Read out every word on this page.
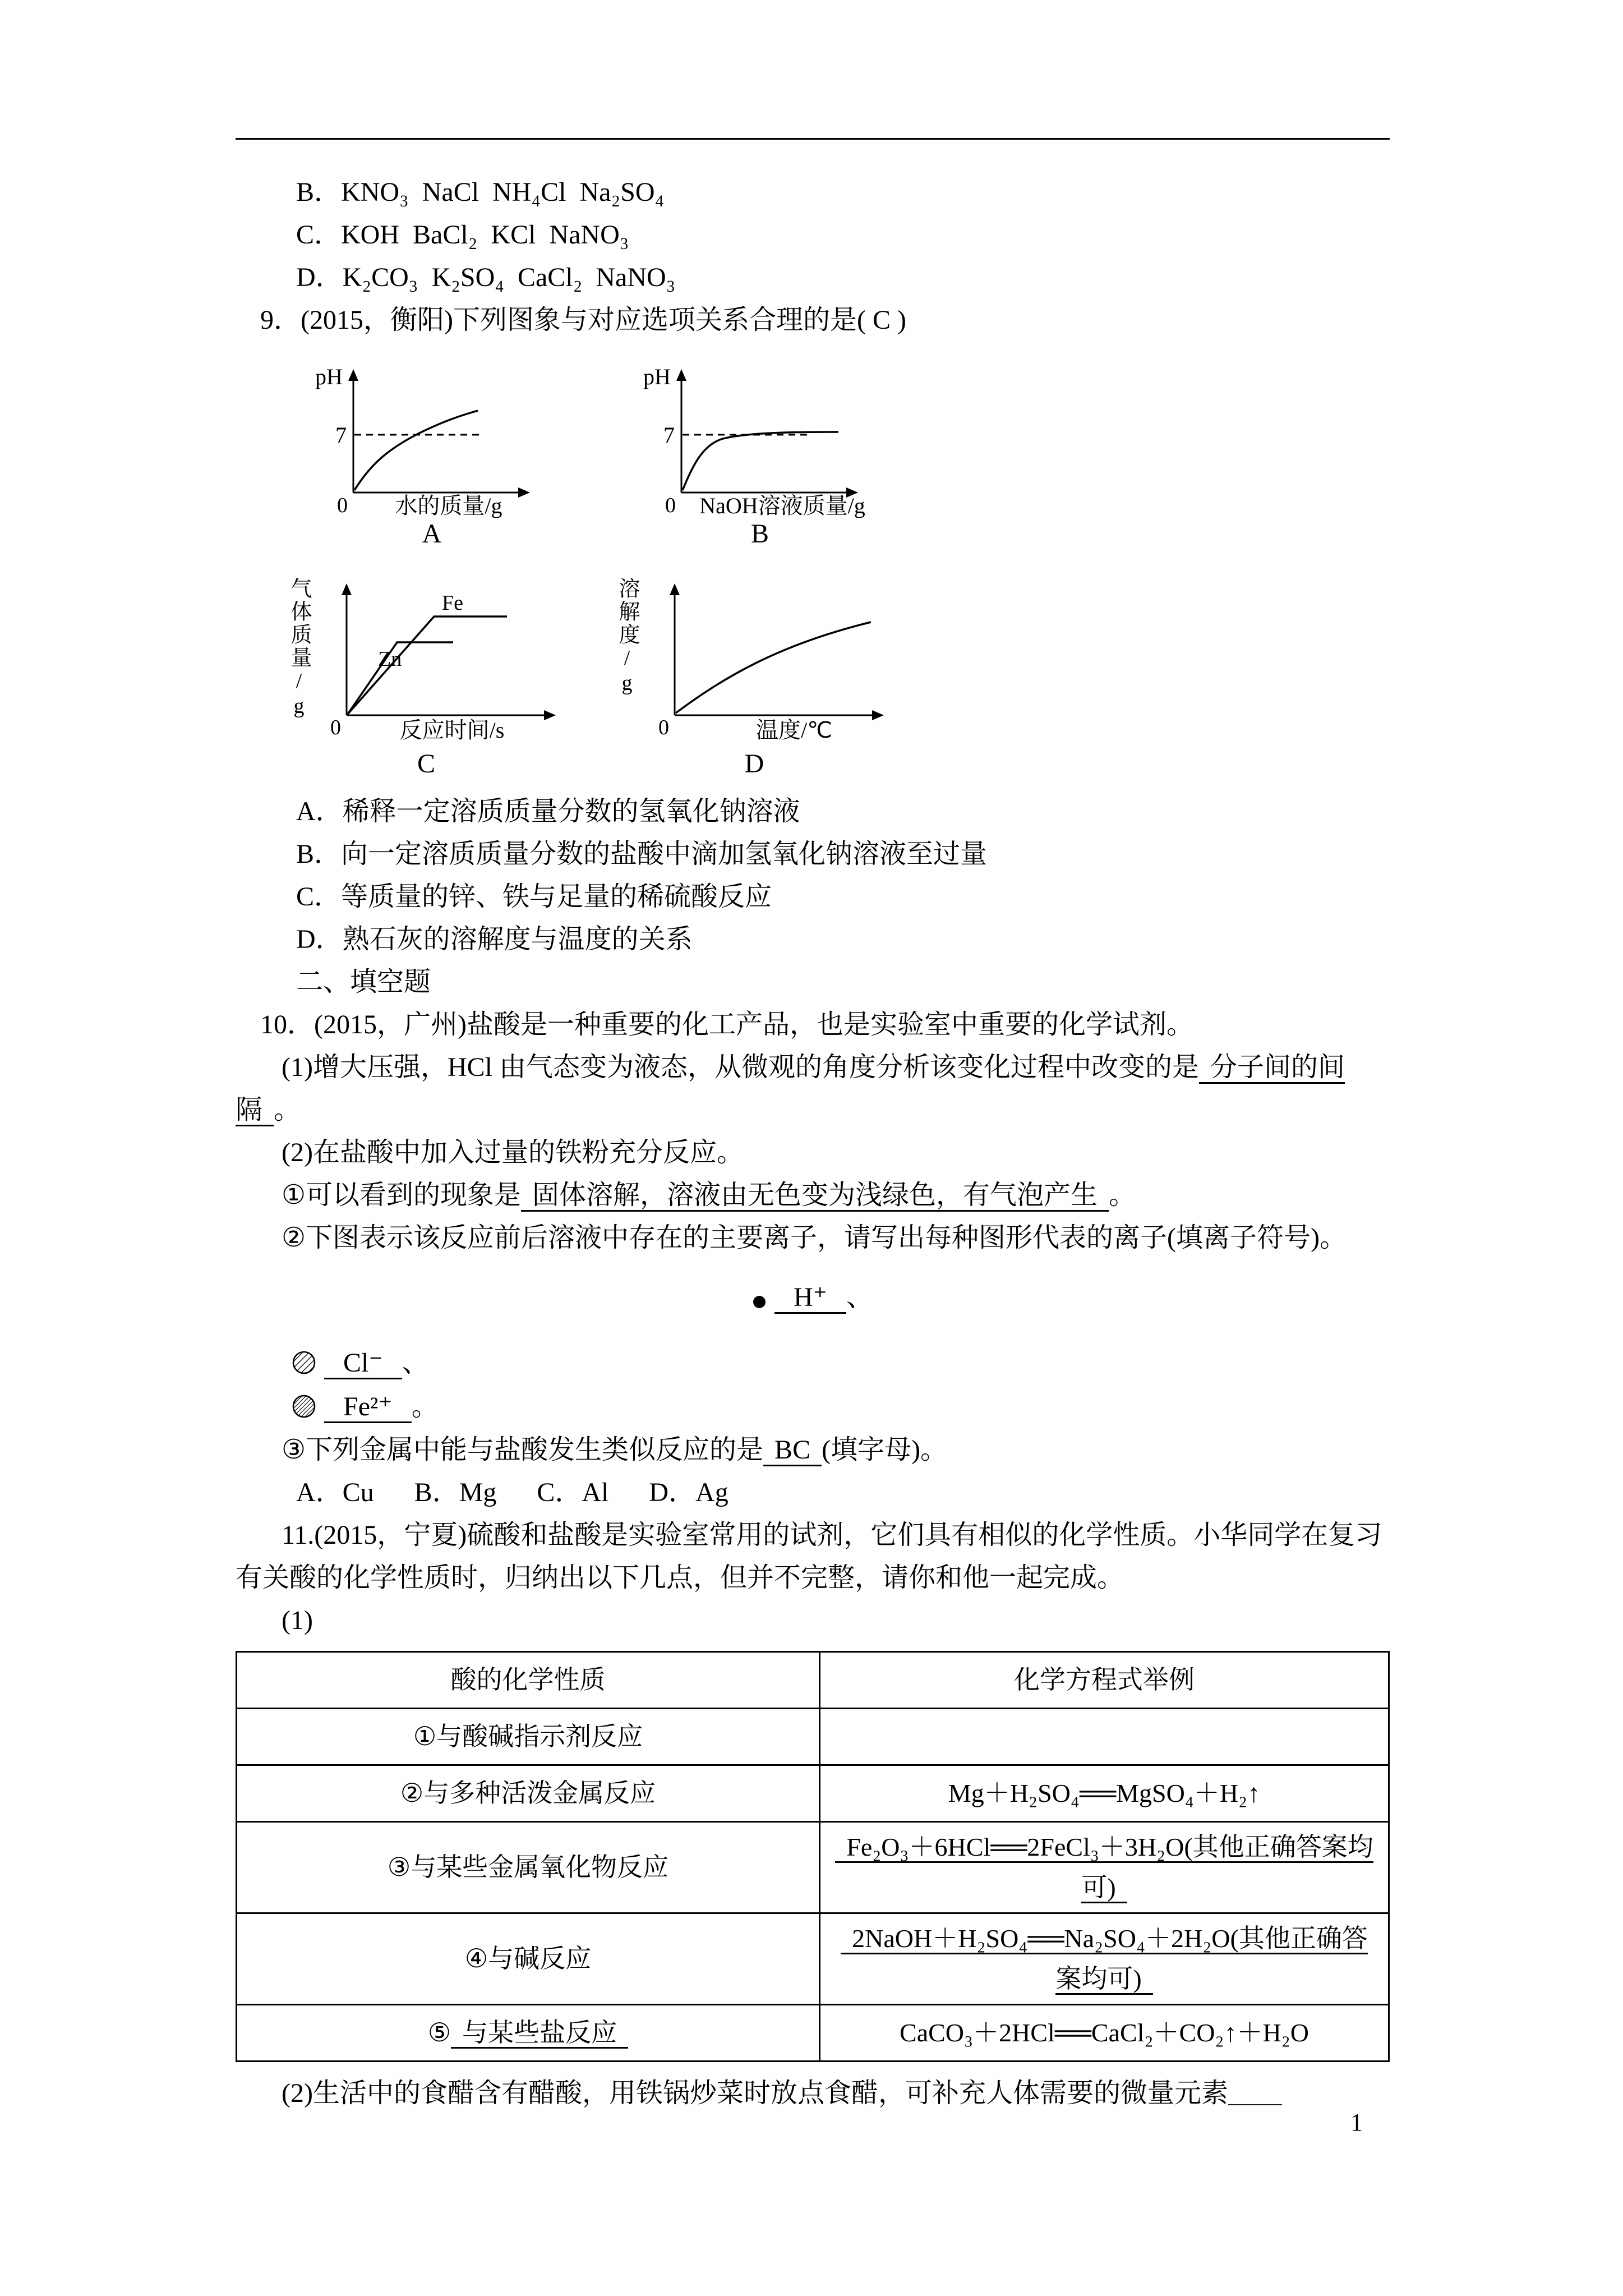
B．KNO₃  NaCl  NH₄Cl  Na₂SO₄

C．KOH  BaCl₂  KCl  NaNO₃

D．K₂CO₃  K₂SO₄  CaCl₂  NaNO₃

9．(2015，衡阳)下列图象与对应选项关系合理的是( C )

pH
7
0 水的质量/g
A
pH
7
0 NaOH溶液质量/g
B
气体质量/g	Zn
Fe
0	反应时间/s
C
溶解度/g
0	温度/℃
D

A．稀释一定溶质质量分数的氢氧化钠溶液

B．向一定溶质质量分数的盐酸中滴加氢氧化钠溶液至过量

C．等质量的锌、铁与足量的稀硫酸反应

D．熟石灰的溶解度与温度的关系

二、填空题

10．(2015，广州)盐酸是一种重要的化工产品，也是实验室中重要的化学试剂。

(1)增大压强，HCl 由气态变为液态，从微观的角度分析该变化过程中改变的是 分子间的间隔 。

(2)在盐酸中加入过量的铁粉充分反应。

①可以看到的现象是 固体溶解，溶液由无色变为浅绿色，有气泡产生 。

②下图表示该反应前后溶液中存在的主要离子，请写出每种图形代表的离子(填离子符号)。

H⁺ 、
Cl⁻ 、
Fe²⁺ 。

③下列金属中能与盐酸发生类似反应的是 BC (填字母)。

A．Cu      B．Mg      C．Al      D．Ag

11.(2015，宁夏)硫酸和盐酸是实验室常用的试剂，它们具有相似的化学性质。小华同学在复习有关酸的化学性质时，归纳出以下几点，但并不完整，请你和他一起完成。

(1)

酸的化学性质	化学方程式举例
①与酸碱指示剂反应	
②与多种活泼金属反应	Mg＋H₂SO₄══MgSO₄＋H₂↑
③与某些金属氧化物反应	Fe₂O₃＋6HCl══2FeCl₃＋3H₂O(其他正确答案均可)
④与碱反应	2NaOH＋H₂SO₄══Na₂SO₄＋2H₂O(其他正确答案均可)
⑤ 与某些盐反应	CaCO₃＋2HCl══CaCl₂＋CO₂↑＋H₂O

(2)生活中的食醋含有醋酸，用铁锅炒菜时放点食醋，可补充人体需要的微量元素＿＿

1
